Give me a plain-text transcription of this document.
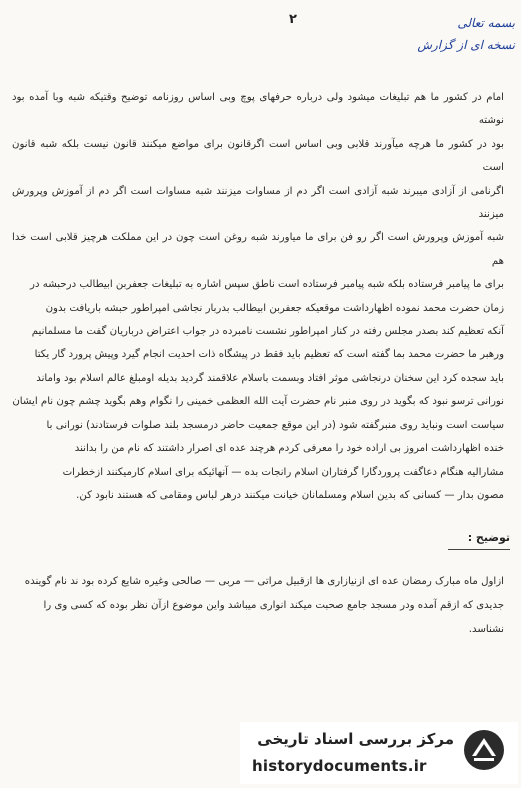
۲	بسمه تعالی
نسخه ای از گزارش

امام در کشور ما هم تبلیغات میشود ولی درباره حرفهای پوچ وبی اساس روزنامه توضیح وقتیکه شبه وبا آمده بود نوشته

بود در کشور ما هرچه میآورند قلابی وبی اساس است اگرقانون برای مواضع میکنند قانون نیست بلکه شبه قانون است

اگرنامی از آزادی میبرند شبه آزادی است اگر دم از مساوات میزنند شبه مساوات است اگر دم از آموزش وپرورش میزنند

شبه آموزش وپرورش است اگر رو فن برای ما میاورند شبه روغن است چون در این مملکت هرچیز قلابی است خدا هم

برای ما پیامبر فرستاده بلکه شبه پیامبر فرستاده است ناطق سپس اشاره به تبلیغات جعفربن ابیطالب درحبشه در

زمان حضرت محمد نموده اظهارداشت موقعیکه جعفربن ابیطالب بدربار نجاشی امپراطور حبشه باریافت بدون

آنکه تعظیم کند بصدر مجلس رفته در کنار امپراطور نشست نامبرده در جواب اعتراض درباریان گفت ما مسلمانیم

ورهبر ما حضرت محمد بما گفته است که تعظیم باید فقط در پیشگاه ذات احدیت انجام گیرد وپیش پرورد گار یکتا

باید سجده کرد این سخنان درنجاشی موثر افتاد وبسمت باسلام علاقمند گردید بدیله اومبلغ عالم اسلام بود واماند

نورانی ترسو نبود که بگوید در روی منبر نام حضرت آیت الله العظمی خمینی را نگوام وهم بگوید چشم چون نام ایشان

سیاست است ونباید روی منبرگفته شود (در این موقع جمعیت حاضر درمسجد بلند صلوات فرستادند) نورانی با

خنده اظهارداشت امروز بی اراده خود را معرفی کردم هرچند عده ای اصرار داشتند که نام من را بدانند

مشاراليه هنگام دعاگفت پروردگارا گرفتاران اسلام رانجات بده — آنهائیکه برای اسلام کارمیکنند ازخطرات

مصون بدار — کسانی که بدین اسلام ومسلمانان خیانت میکنند درهر لباس ومقامی که هستند نابود کن.

توضیح :

ازاول ماه مبارک رمضان عده ای ازنیازاری ها ازقبیل مراتی — مربی — صالحی وغیره شایع کرده بود ند نام گوینده

جدیدی که ازقم آمده ودر مسجد جامع صحبت میکند انواری میباشد واین موضوع ازآن نظر بوده که کسی وی را

نشناسد.

مرکز بررسی اسناد تاریخی
historydocuments.ir
